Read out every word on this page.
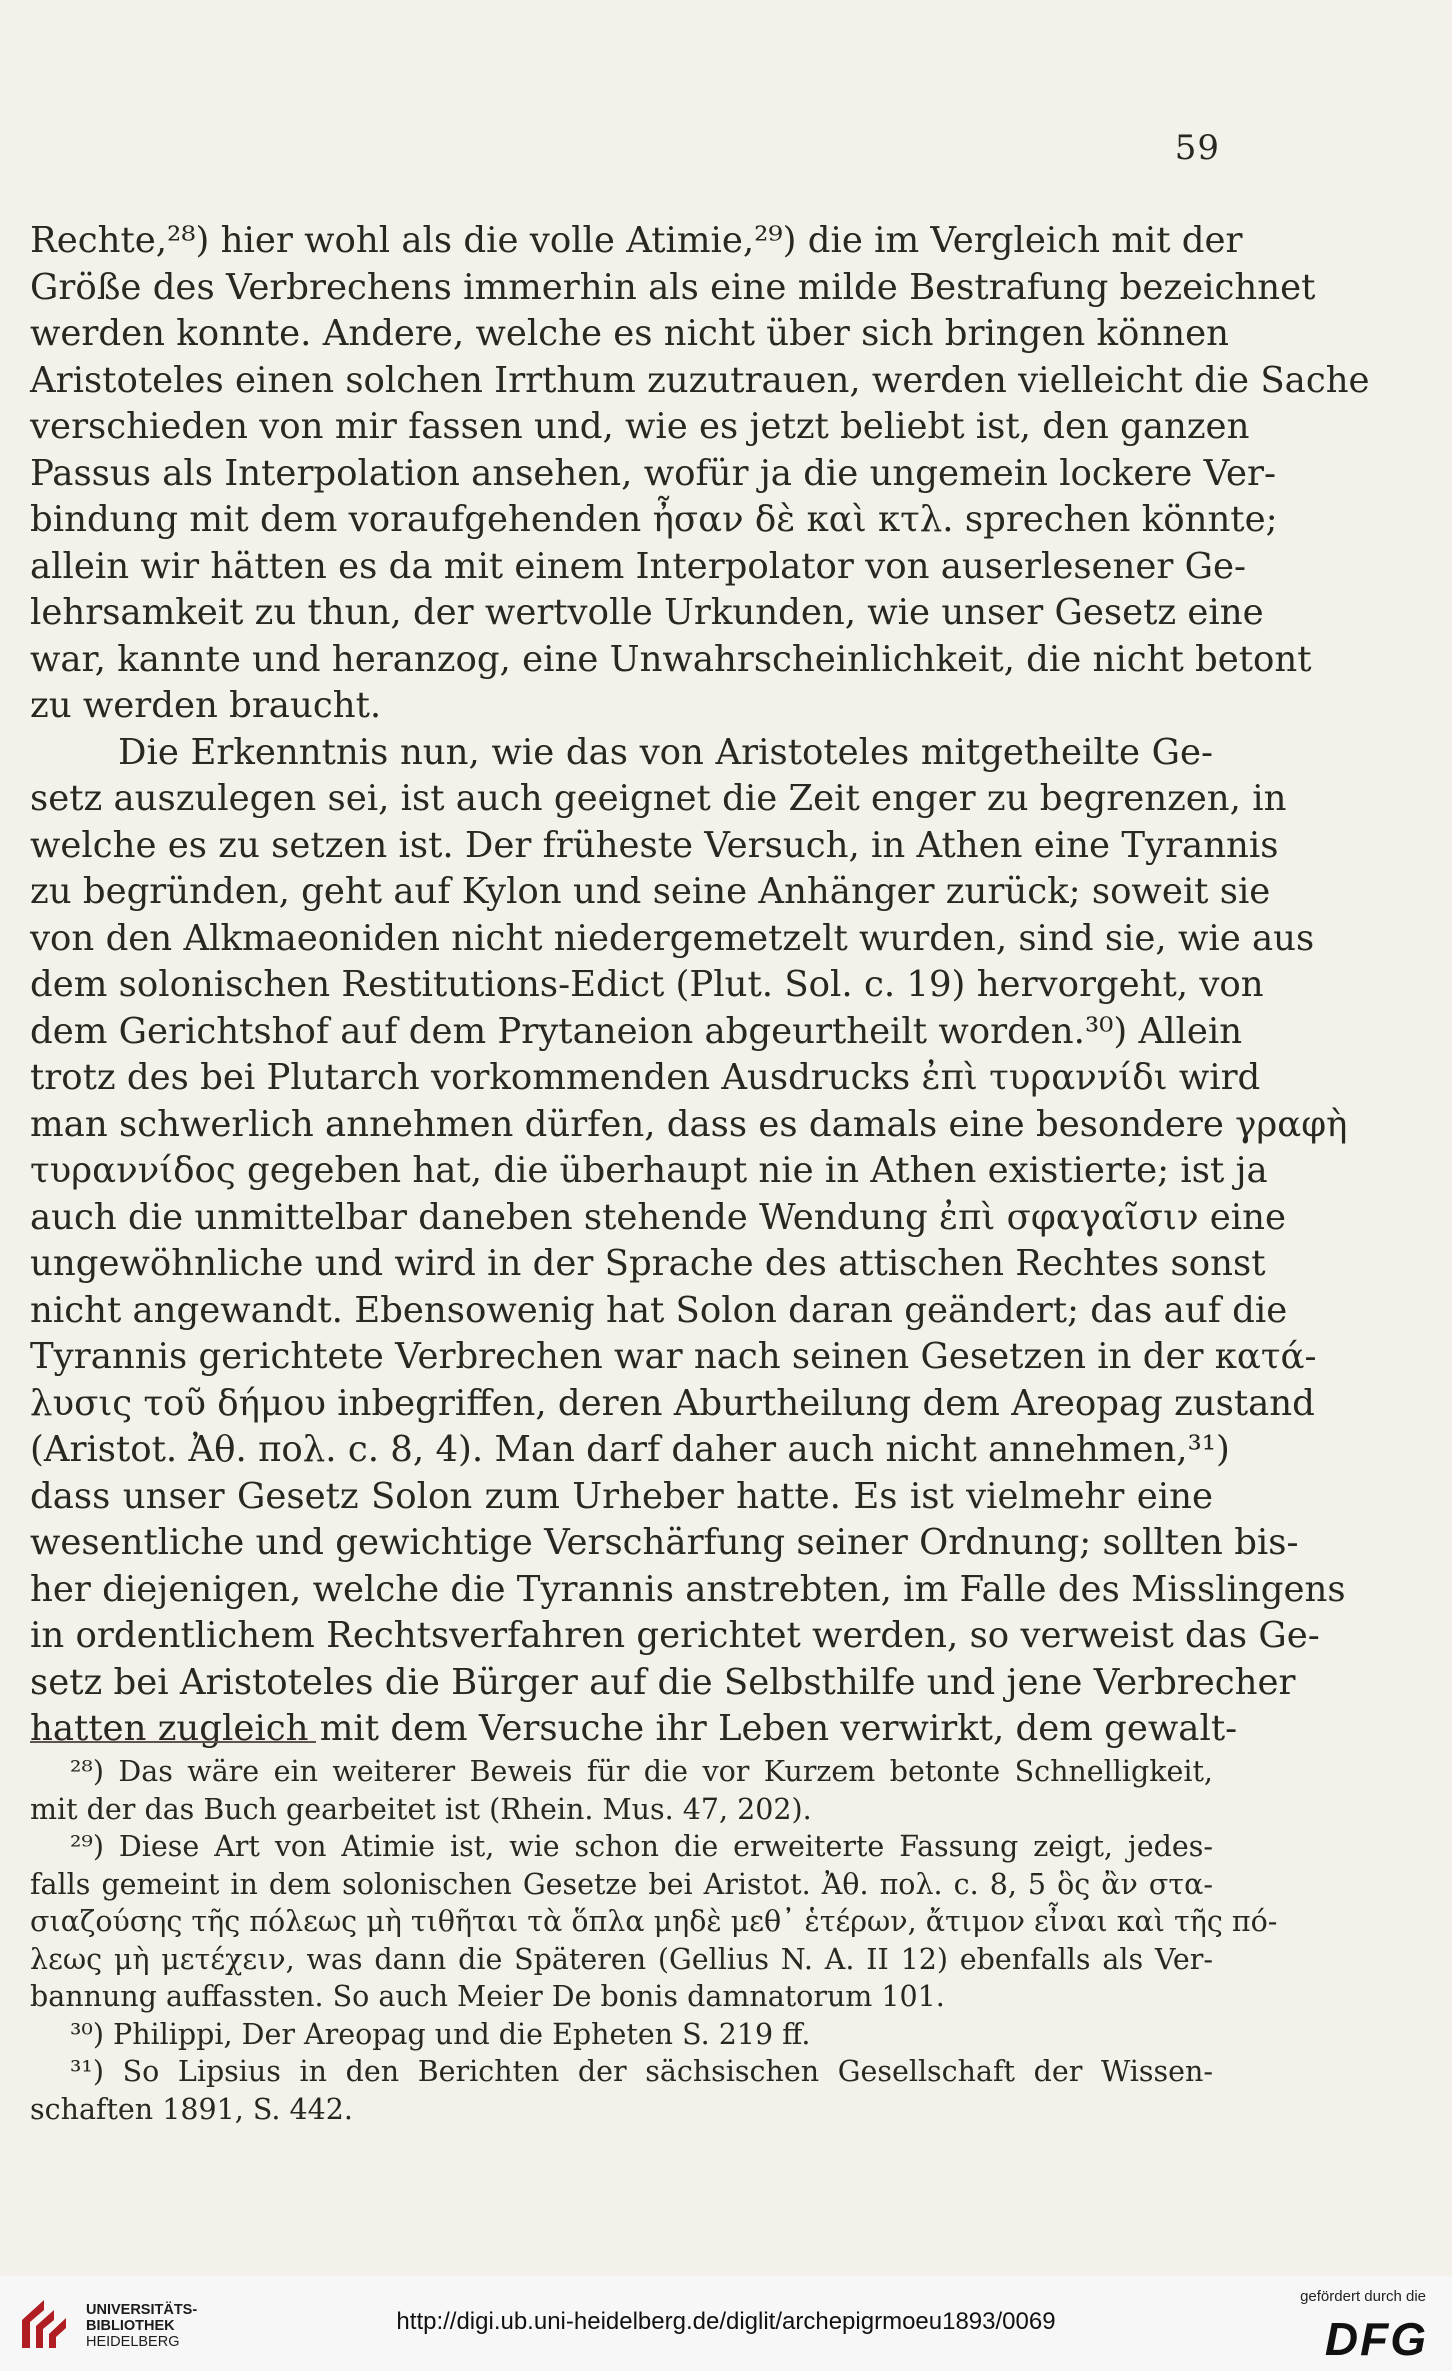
59
Rechte,²⁸) hier wohl als die volle Atimie,²⁹) die im Vergleich mit der
Größe des Verbrechens immerhin als eine milde Bestrafung bezeichnet
werden konnte. Andere, welche es nicht über sich bringen können
Aristoteles einen solchen Irrthum zuzutrauen, werden vielleicht die Sache
verschieden von mir fassen und, wie es jetzt beliebt ist, den ganzen
Passus als Interpolation ansehen, wofür ja die ungemein lockere Ver-
bindung mit dem voraufgehenden ἦσαν δὲ καὶ κτλ. sprechen könnte;
allein wir hätten es da mit einem Interpolator von auserlesener Ge-
lehrsamkeit zu thun, der wertvolle Urkunden, wie unser Gesetz eine
war, kannte und heranzog, eine Unwahrscheinlichkeit, die nicht betont
zu werden braucht.
Die Erkenntnis nun, wie das von Aristoteles mitgetheilte Ge-
setz auszulegen sei, ist auch geeignet die Zeit enger zu begrenzen, in
welche es zu setzen ist. Der früheste Versuch, in Athen eine Tyrannis
zu begründen, geht auf Kylon und seine Anhänger zurück; soweit sie
von den Alkmaeoniden nicht niedergemetzelt wurden, sind sie, wie aus
dem solonischen Restitutions-Edict (Plut. Sol. c. 19) hervorgeht, von
dem Gerichtshof auf dem Prytaneion abgeurtheilt worden.³⁰) Allein
trotz des bei Plutarch vorkommenden Ausdrucks ἐπὶ τυραννίδι wird
man schwerlich annehmen dürfen, dass es damals eine besondere γραφὴ
τυραννίδος gegeben hat, die überhaupt nie in Athen existierte; ist ja
auch die unmittelbar daneben stehende Wendung ἐπὶ σφαγαῖσιν eine
ungewöhnliche und wird in der Sprache des attischen Rechtes sonst
nicht angewandt. Ebensowenig hat Solon daran geändert; das auf die
Tyrannis gerichtete Verbrechen war nach seinen Gesetzen in der κατά-
λυσις τοῦ δήμου inbegriffen, deren Aburtheilung dem Areopag zustand
(Aristot. Ἀθ. πολ. c. 8, 4). Man darf daher auch nicht annehmen,³¹)
dass unser Gesetz Solon zum Urheber hatte. Es ist vielmehr eine
wesentliche und gewichtige Verschärfung seiner Ordnung; sollten bis-
her diejenigen, welche die Tyrannis anstrebten, im Falle des Misslingens
in ordentlichem Rechtsverfahren gerichtet werden, so verweist das Ge-
setz bei Aristoteles die Bürger auf die Selbsthilfe und jene Verbrecher
hatten zugleich mit dem Versuche ihr Leben verwirkt, dem gewalt-
²⁸) Das wäre ein weiterer Beweis für die vor Kurzem betonte Schnelligkeit,
mit der das Buch gearbeitet ist (Rhein. Mus. 47, 202).
²⁹) Diese Art von Atimie ist, wie schon die erweiterte Fassung zeigt, jedes-
falls gemeint in dem solonischen Gesetze bei Aristot. Ἀθ. πολ. c. 8, 5 ὃς ἂν στα-
σιαζούσης τῆς πόλεως μὴ τιθῆται τὰ ὅπλα μηδὲ μεθ᾽ ἑτέρων, ἄτιμον εἶναι καὶ τῆς πό-
λεως μὴ μετέχειν, was dann die Späteren (Gellius N. A. II 12) ebenfalls als Ver-
bannung auffassten. So auch Meier De bonis damnatorum 101.
³⁰) Philippi, Der Areopag und die Epheten S. 219 ff.
³¹) So Lipsius in den Berichten der sächsischen Gesellschaft der Wissen-
schaften 1891, S. 442.
UNIVERSITÄTS-
BIBLIOTHEK
HEIDELBERG
http://digi.ub.uni-heidelberg.de/diglit/archepigrmoeu1893/0069
gefördert durch die
DFG
